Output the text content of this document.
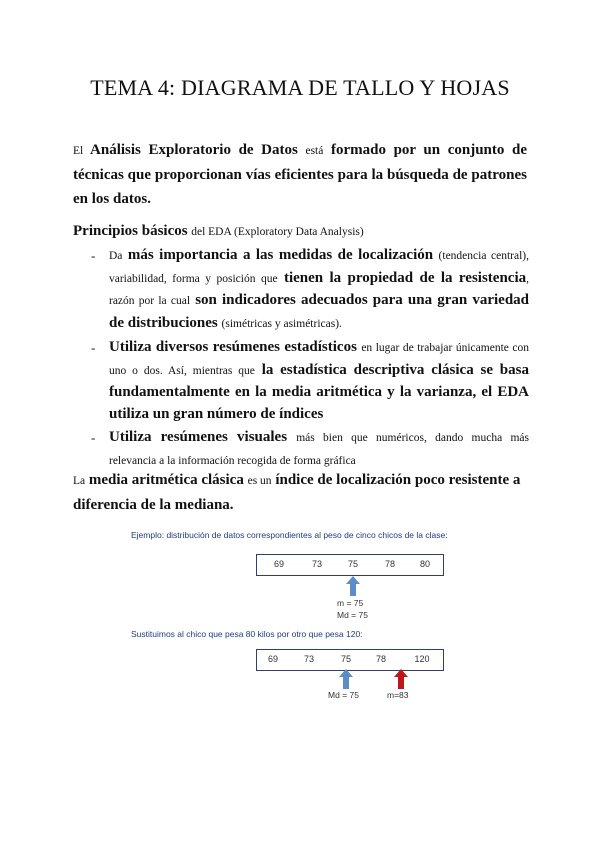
TEMA 4: DIAGRAMA DE TALLO Y HOJAS

El Análisis Exploratorio de Datos está formado por un conjunto de técnicas que proporcionan vías eficientes para la búsqueda de patrones en los datos.

Principios básicos del EDA (Exploratory Data Analysis)

- Da más importancia a las medidas de localización (tendencia central), variabilidad, forma y posición que tienen la propiedad de la resistencia, razón por la cual son indicadores adecuados para una gran variedad de distribuciones (simétricas y asimétricas).
- Utiliza diversos resúmenes estadísticos en lugar de trabajar únicamente con uno o dos. Así, mientras que la estadística descriptiva clásica se basa fundamentalmente en la media aritmética y la varianza, el EDA utiliza un gran número de índices
- Utiliza resúmenes visuales más bien que numéricos, dando mucha más relevancia a la información recogida de forma gráfica

La media aritmética clásica es un índice de localización poco resistente a diferencia de la mediana.

Ejemplo: distribución de datos correspondientes al peso de cinco chicos de la clase:
69	73	75	78	80
m = 75
Md = 75
Sustituimos al chico que pesa 80 kilos por otro que pesa 120:
69	73	75	78	120
Md = 75	m=83
